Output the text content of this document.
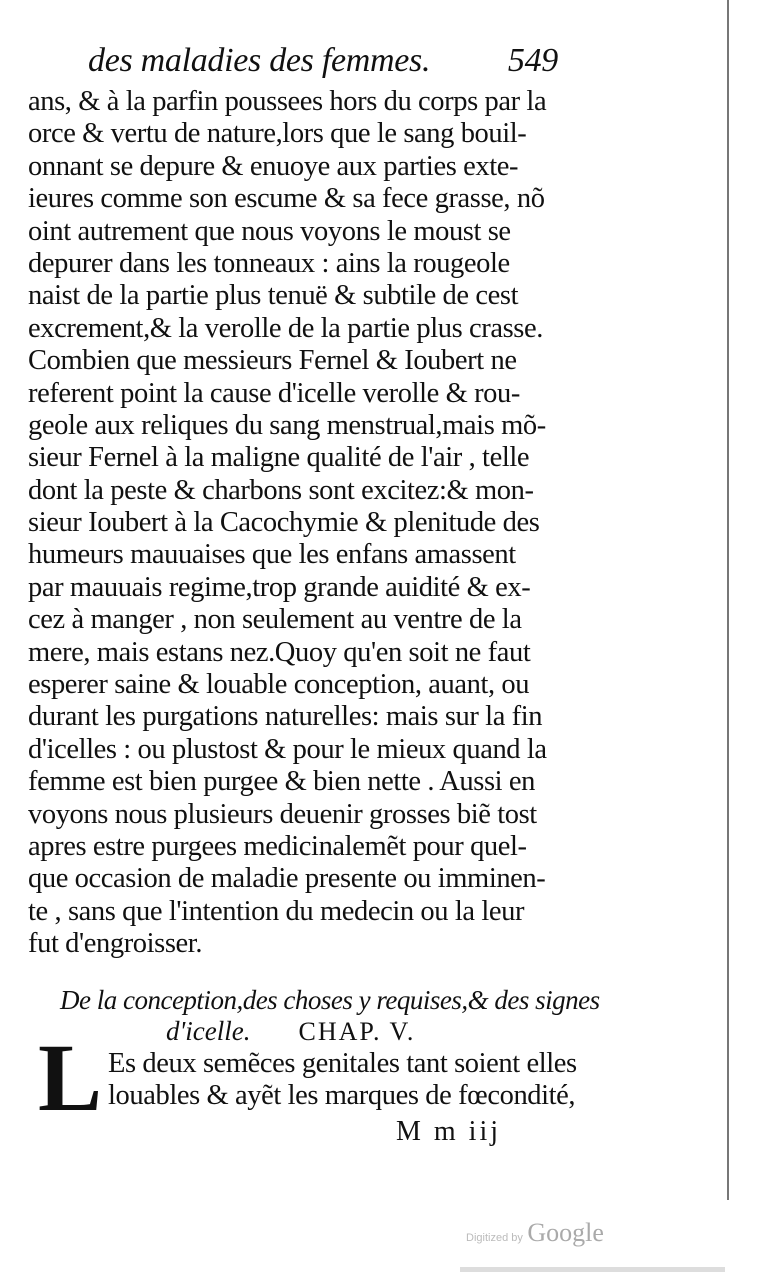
des maladies des femmes. 549
ans, & à la parfin poussees hors du corps par la
orce & vertu de nature,lors que le sang bouil-
onnant se depure & enuoye aux parties exte-
ieures comme son escume & sa fece grasse, nõ
oint autrement que nous voyons le moust se
depurer dans les tonneaux : ains la rougeole
naist de la partie plus tenuë & subtile de cest
excrement,& la verolle de la partie plus crasse.
Combien que messieurs Fernel & Ioubert ne
referent point la cause d'icelle verolle & rou-
geole aux reliques du sang menstrual,mais mõ-
sieur Fernel à la maligne qualité de l'air , telle
dont la peste & charbons sont excitez:& mon-
sieur Ioubert à la Cacochymie & plenitude des
humeurs mauuaises que les enfans amassent
par mauuais regime,trop grande auidité & ex-
cez à manger , non seulement au ventre de la
mere, mais estans nez.Quoy qu'en soit ne faut
esperer saine & louable conception, auant, ou
durant les purgations naturelles: mais sur la fin
d'icelles : ou plustost & pour le mieux quand la
femme est bien purgee & bien nette . Aussi en
voyons nous plusieurs deuenir grosses biẽ tost
apres estre purgees medicinalemẽt pour quel-
que occasion de maladie presente ou imminen-
te , sans que l'intention du medecin ou la leur
fut d'engroisser.
De la conception,des choses y requises,& des signes
d'icelle. CHAP. V.
L Es deux semẽces genitales tant soient elles
louables & ayẽt les marques de fœcondité,
M m iij
Digitized by Google
